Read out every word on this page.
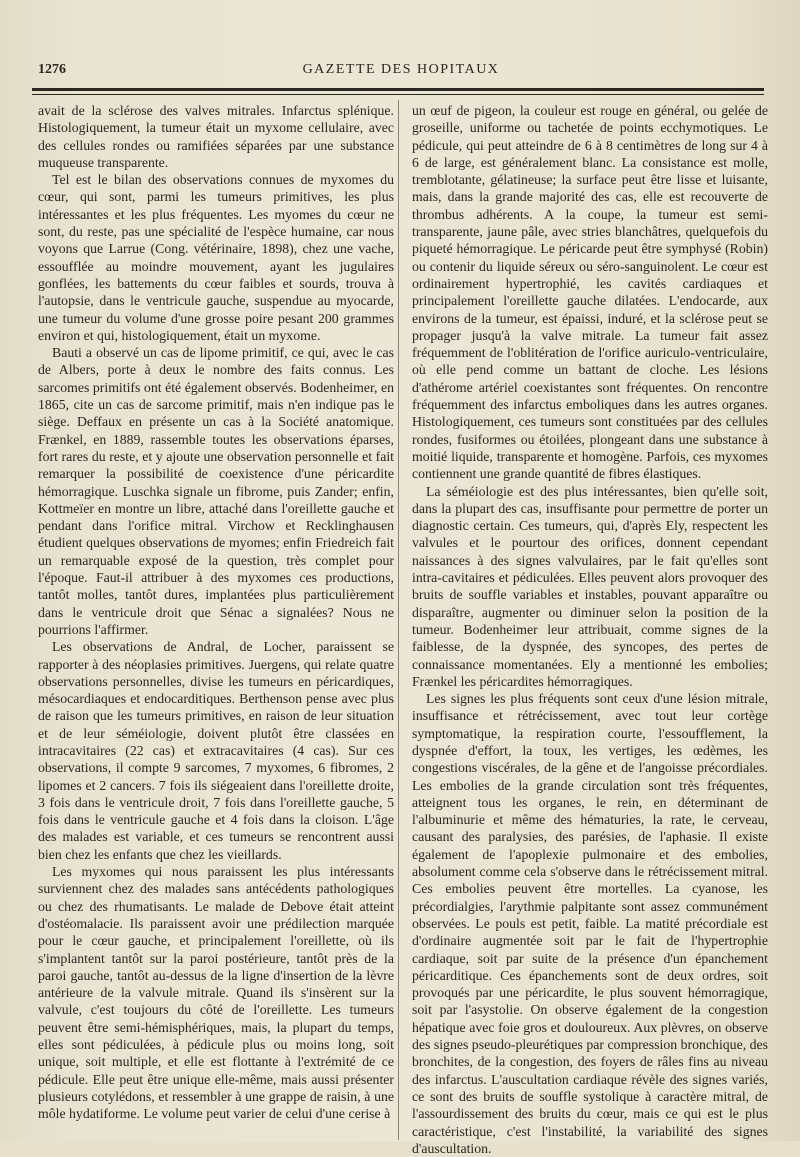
1276	GAZETTE DES HOPITAUX

avait de la sclérose des valves mitrales. Infarctus splénique. Histologiquement, la tumeur était un myxome cellulaire, avec des cellules rondes ou ramifiées séparées par une substance muqueuse transparente.

Tel est le bilan des observations connues de myxomes du cœur, qui sont, parmi les tumeurs primitives, les plus intéressantes et les plus fréquentes. Les myomes du cœur ne sont, du reste, pas une spécialité de l'espèce humaine, car nous voyons que Larrue (Cong. vétérinaire, 1898), chez une vache, essoufflée au moindre mouvement, ayant les jugulaires gonflées, les battements du cœur faibles et sourds, trouva à l'autopsie, dans le ventricule gauche, suspendue au myocarde, une tumeur du volume d'une grosse poire pesant 200 grammes environ et qui, histologiquement, était un myxome.

Bauti a observé un cas de lipome primitif, ce qui, avec le cas de Albers, porte à deux le nombre des faits connus. Les sarcomes primitifs ont été également observés. Bodenheimer, en 1865, cite un cas de sarcome primitif, mais n'en indique pas le siège. Deffaux en présente un cas à la Société anatomique. Frænkel, en 1889, rassemble toutes les observations éparses, fort rares du reste, et y ajoute une observation personnelle et fait remarquer la possibilité de coexistence d'une péricardite hémorragique. Luschka signale un fibrome, puis Zander; enfin, Kottmeïer en montre un libre, attaché dans l'oreillette gauche et pendant dans l'orifice mitral. Virchow et Recklinghausen étudient quelques observations de myomes; enfin Friedreich fait un remarquable exposé de la question, très complet pour l'époque. Faut-il attribuer à des myxomes ces productions, tantôt molles, tantôt dures, implantées plus particulièrement dans le ventricule droit que Sénac a signalées? Nous ne pourrions l'affirmer.

Les observations de Andral, de Locher, paraissent se rapporter à des néoplasies primitives. Juergens, qui relate quatre observations personnelles, divise les tumeurs en péricardiques, mésocardiaques et endocarditiques. Berthenson pense avec plus de raison que les tumeurs primitives, en raison de leur situation et de leur séméiologie, doivent plutôt être classées en intracavitaires (22 cas) et extracavitaires (4 cas). Sur ces observations, il compte 9 sarcomes, 7 myxomes, 6 fibromes, 2 lipomes et 2 cancers. 7 fois ils siégeaient dans l'oreillette droite, 3 fois dans le ventricule droit, 7 fois dans l'oreillette gauche, 5 fois dans le ventricule gauche et 4 fois dans la cloison. L'âge des malades est variable, et ces tumeurs se rencontrent aussi bien chez les enfants que chez les vieillards.

Les myxomes qui nous paraissent les plus intéressants surviennent chez des malades sans antécédents pathologiques ou chez des rhumatisants. Le malade de Debove était atteint d'ostéomalacie. Ils paraissent avoir une prédilection marquée pour le cœur gauche, et principalement l'oreillette, où ils s'implantent tantôt sur la paroi postérieure, tantôt près de la paroi gauche, tantôt au-dessus de la ligne d'insertion de la lèvre antérieure de la valvule mitrale. Quand ils s'insèrent sur la valvule, c'est toujours du côté de l'oreillette. Les tumeurs peuvent être semi-hémisphériques, mais, la plupart du temps, elles sont pédiculées, à pédicule plus ou moins long, soit unique, soit multiple, et elle est flottante à l'extrémité de ce pédicule. Elle peut être unique elle-même, mais aussi présenter plusieurs cotylédons, et ressembler à une grappe de raisin, à une môle hydatiforme. Le volume peut varier de celui d'une cerise à

un œuf de pigeon, la couleur est rouge en général, ou gelée de groseille, uniforme ou tachetée de points ecchymotiques. Le pédicule, qui peut atteindre de 6 à 8 centimètres de long sur 4 à 6 de large, est généralement blanc. La consistance est molle, tremblotante, gélatineuse; la surface peut être lisse et luisante, mais, dans la grande majorité des cas, elle est recouverte de thrombus adhérents. A la coupe, la tumeur est semi-transparente, jaune pâle, avec stries blanchâtres, quelquefois du piqueté hémorragique. Le péricarde peut être symphysé (Robin) ou contenir du liquide séreux ou séro-sanguinolent. Le cœur est ordinairement hypertrophié, les cavités cardiaques et principalement l'oreillette gauche dilatées. L'endocarde, aux environs de la tumeur, est épaissi, induré, et la sclérose peut se propager jusqu'à la valve mitrale. La tumeur fait assez fréquemment de l'oblitération de l'orifice auriculo-ventriculaire, où elle pend comme un battant de cloche. Les lésions d'athérome artériel coexistantes sont fréquentes. On rencontre fréquemment des infarctus emboliques dans les autres organes. Histologiquement, ces tumeurs sont constituées par des cellules rondes, fusiformes ou étoilées, plongeant dans une substance à moitié liquide, transparente et homogène. Parfois, ces myxomes contiennent une grande quantité de fibres élastiques.

La séméiologie est des plus intéressantes, bien qu'elle soit, dans la plupart des cas, insuffisante pour permettre de porter un diagnostic certain. Ces tumeurs, qui, d'après Ely, respectent les valvules et le pourtour des orifices, donnent cependant naissances à des signes valvulaires, par le fait qu'elles sont intra-cavitaires et pédiculées. Elles peuvent alors provoquer des bruits de souffle variables et instables, pouvant apparaître ou disparaître, augmenter ou diminuer selon la position de la tumeur. Bodenheimer leur attribuait, comme signes de la faiblesse, de la dyspnée, des syncopes, des pertes de connaissance momentanées. Ely a mentionné les embolies; Frænkel les péricardites hémorragiques.

Les signes les plus fréquents sont ceux d'une lésion mitrale, insuffisance et rétrécissement, avec tout leur cortège symptomatique, la respiration courte, l'essoufflement, la dyspnée d'effort, la toux, les vertiges, les œdèmes, les congestions viscérales, de la gêne et de l'angoisse précordiales. Les embolies de la grande circulation sont très fréquentes, atteignent tous les organes, le rein, en déterminant de l'albuminurie et même des hématuries, la rate, le cerveau, causant des paralysies, des parésies, de l'aphasie. Il existe également de l'apoplexie pulmonaire et des embolies, absolument comme cela s'observe dans le rétrécissement mitral. Ces embolies peuvent être mortelles. La cyanose, les précordialgies, l'arythmie palpitante sont assez communément observées. Le pouls est petit, faible. La matité précordiale est d'ordinaire augmentée soit par le fait de l'hypertrophie cardiaque, soit par suite de la présence d'un épanchement péricarditique. Ces épanchements sont de deux ordres, soit provoqués par une péricardite, le plus souvent hémorragique, soit par l'asystolie. On observe également de la congestion hépatique avec foie gros et douloureux. Aux plèvres, on observe des signes pseudo-pleurétiques par compression bronchique, des bronchites, de la congestion, des foyers de râles fins au niveau des infarctus. L'auscultation cardiaque révèle des signes variés, ce sont des bruits de souffle systolique à caractère mitral, de l'assourdissement des bruits du cœur, mais ce qui est le plus caractéristique, c'est l'instabilité, la variabilité des signes d'auscultation.
